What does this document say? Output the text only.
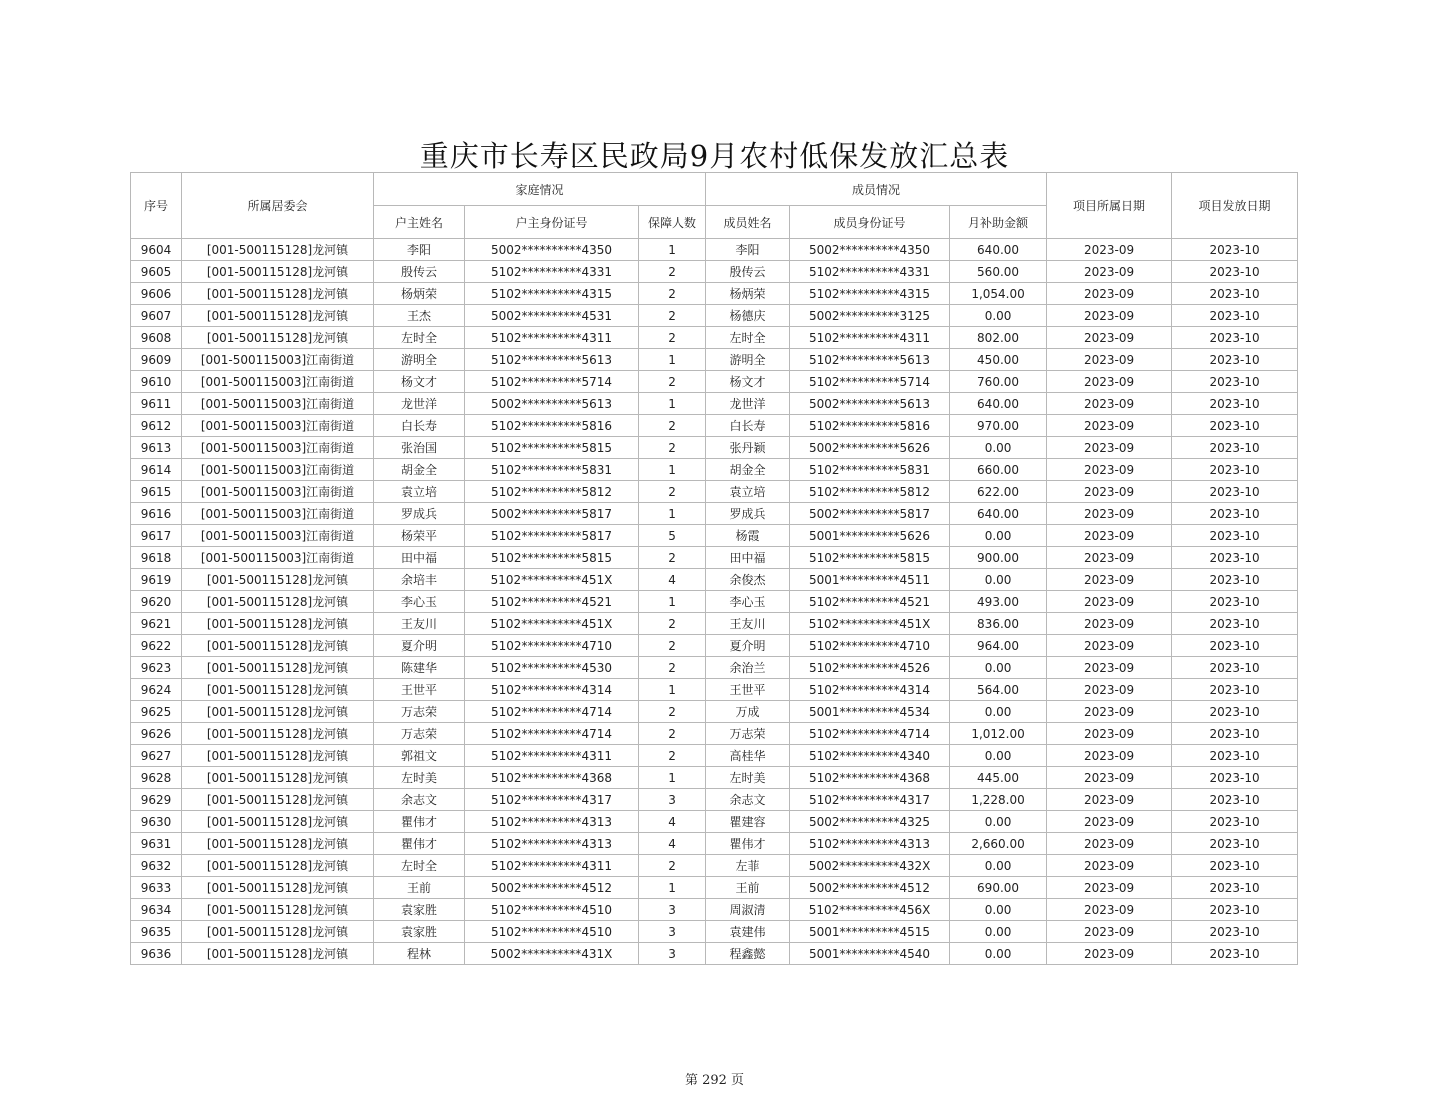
重庆市长寿区民政局9月农村低保发放汇总表
序号	所属居委会	家庭情况			成员情况			项目所属日期	项目发放日期
		户主姓名	户主身份证号	保障人数	成员姓名	成员身份证号	月补助金额		
9604	[001-500115128]龙河镇	李阳	5002**********4350	1	李阳	5002**********4350	640.00	2023-09	2023-10
9605	[001-500115128]龙河镇	殷传云	5102**********4331	2	殷传云	5102**********4331	560.00	2023-09	2023-10
9606	[001-500115128]龙河镇	杨炳荣	5102**********4315	2	杨炳荣	5102**********4315	1,054.00	2023-09	2023-10
9607	[001-500115128]龙河镇	王杰	5002**********4531	2	杨德庆	5002**********3125	0.00	2023-09	2023-10
9608	[001-500115128]龙河镇	左时全	5102**********4311	2	左时全	5102**********4311	802.00	2023-09	2023-10
9609	[001-500115003]江南街道	游明全	5102**********5613	1	游明全	5102**********5613	450.00	2023-09	2023-10
9610	[001-500115003]江南街道	杨文才	5102**********5714	2	杨文才	5102**********5714	760.00	2023-09	2023-10
9611	[001-500115003]江南街道	龙世洋	5002**********5613	1	龙世洋	5002**********5613	640.00	2023-09	2023-10
9612	[001-500115003]江南街道	白长寿	5102**********5816	2	白长寿	5102**********5816	970.00	2023-09	2023-10
9613	[001-500115003]江南街道	张治国	5102**********5815	2	张丹颖	5002**********5626	0.00	2023-09	2023-10
9614	[001-500115003]江南街道	胡金全	5102**********5831	1	胡金全	5102**********5831	660.00	2023-09	2023-10
9615	[001-500115003]江南街道	袁立培	5102**********5812	2	袁立培	5102**********5812	622.00	2023-09	2023-10
9616	[001-500115003]江南街道	罗成兵	5002**********5817	1	罗成兵	5002**********5817	640.00	2023-09	2023-10
9617	[001-500115003]江南街道	杨荣平	5102**********5817	5	杨霞	5001**********5626	0.00	2023-09	2023-10
9618	[001-500115003]江南街道	田中福	5102**********5815	2	田中福	5102**********5815	900.00	2023-09	2023-10
9619	[001-500115128]龙河镇	余培丰	5102**********451X	4	余俊杰	5001**********4511	0.00	2023-09	2023-10
9620	[001-500115128]龙河镇	李心玉	5102**********4521	1	李心玉	5102**********4521	493.00	2023-09	2023-10
9621	[001-500115128]龙河镇	王友川	5102**********451X	2	王友川	5102**********451X	836.00	2023-09	2023-10
9622	[001-500115128]龙河镇	夏介明	5102**********4710	2	夏介明	5102**********4710	964.00	2023-09	2023-10
9623	[001-500115128]龙河镇	陈建华	5102**********4530	2	余治兰	5102**********4526	0.00	2023-09	2023-10
9624	[001-500115128]龙河镇	王世平	5102**********4314	1	王世平	5102**********4314	564.00	2023-09	2023-10
9625	[001-500115128]龙河镇	万志荣	5102**********4714	2	万成	5001**********4534	0.00	2023-09	2023-10
9626	[001-500115128]龙河镇	万志荣	5102**********4714	2	万志荣	5102**********4714	1,012.00	2023-09	2023-10
9627	[001-500115128]龙河镇	郭祖文	5102**********4311	2	高桂华	5102**********4340	0.00	2023-09	2023-10
9628	[001-500115128]龙河镇	左时美	5102**********4368	1	左时美	5102**********4368	445.00	2023-09	2023-10
9629	[001-500115128]龙河镇	余志文	5102**********4317	3	余志文	5102**********4317	1,228.00	2023-09	2023-10
9630	[001-500115128]龙河镇	瞿伟才	5102**********4313	4	瞿建容	5002**********4325	0.00	2023-09	2023-10
9631	[001-500115128]龙河镇	瞿伟才	5102**********4313	4	瞿伟才	5102**********4313	2,660.00	2023-09	2023-10
9632	[001-500115128]龙河镇	左时全	5102**********4311	2	左菲	5002**********432X	0.00	2023-09	2023-10
9633	[001-500115128]龙河镇	王前	5002**********4512	1	王前	5002**********4512	690.00	2023-09	2023-10
9634	[001-500115128]龙河镇	袁家胜	5102**********4510	3	周淑清	5102**********456X	0.00	2023-09	2023-10
9635	[001-500115128]龙河镇	袁家胜	5102**********4510	3	袁建伟	5001**********4515	0.00	2023-09	2023-10
9636	[001-500115128]龙河镇	程林	5002**********431X	3	程鑫懿	5001**********4540	0.00	2023-09	2023-10
第 292 页
